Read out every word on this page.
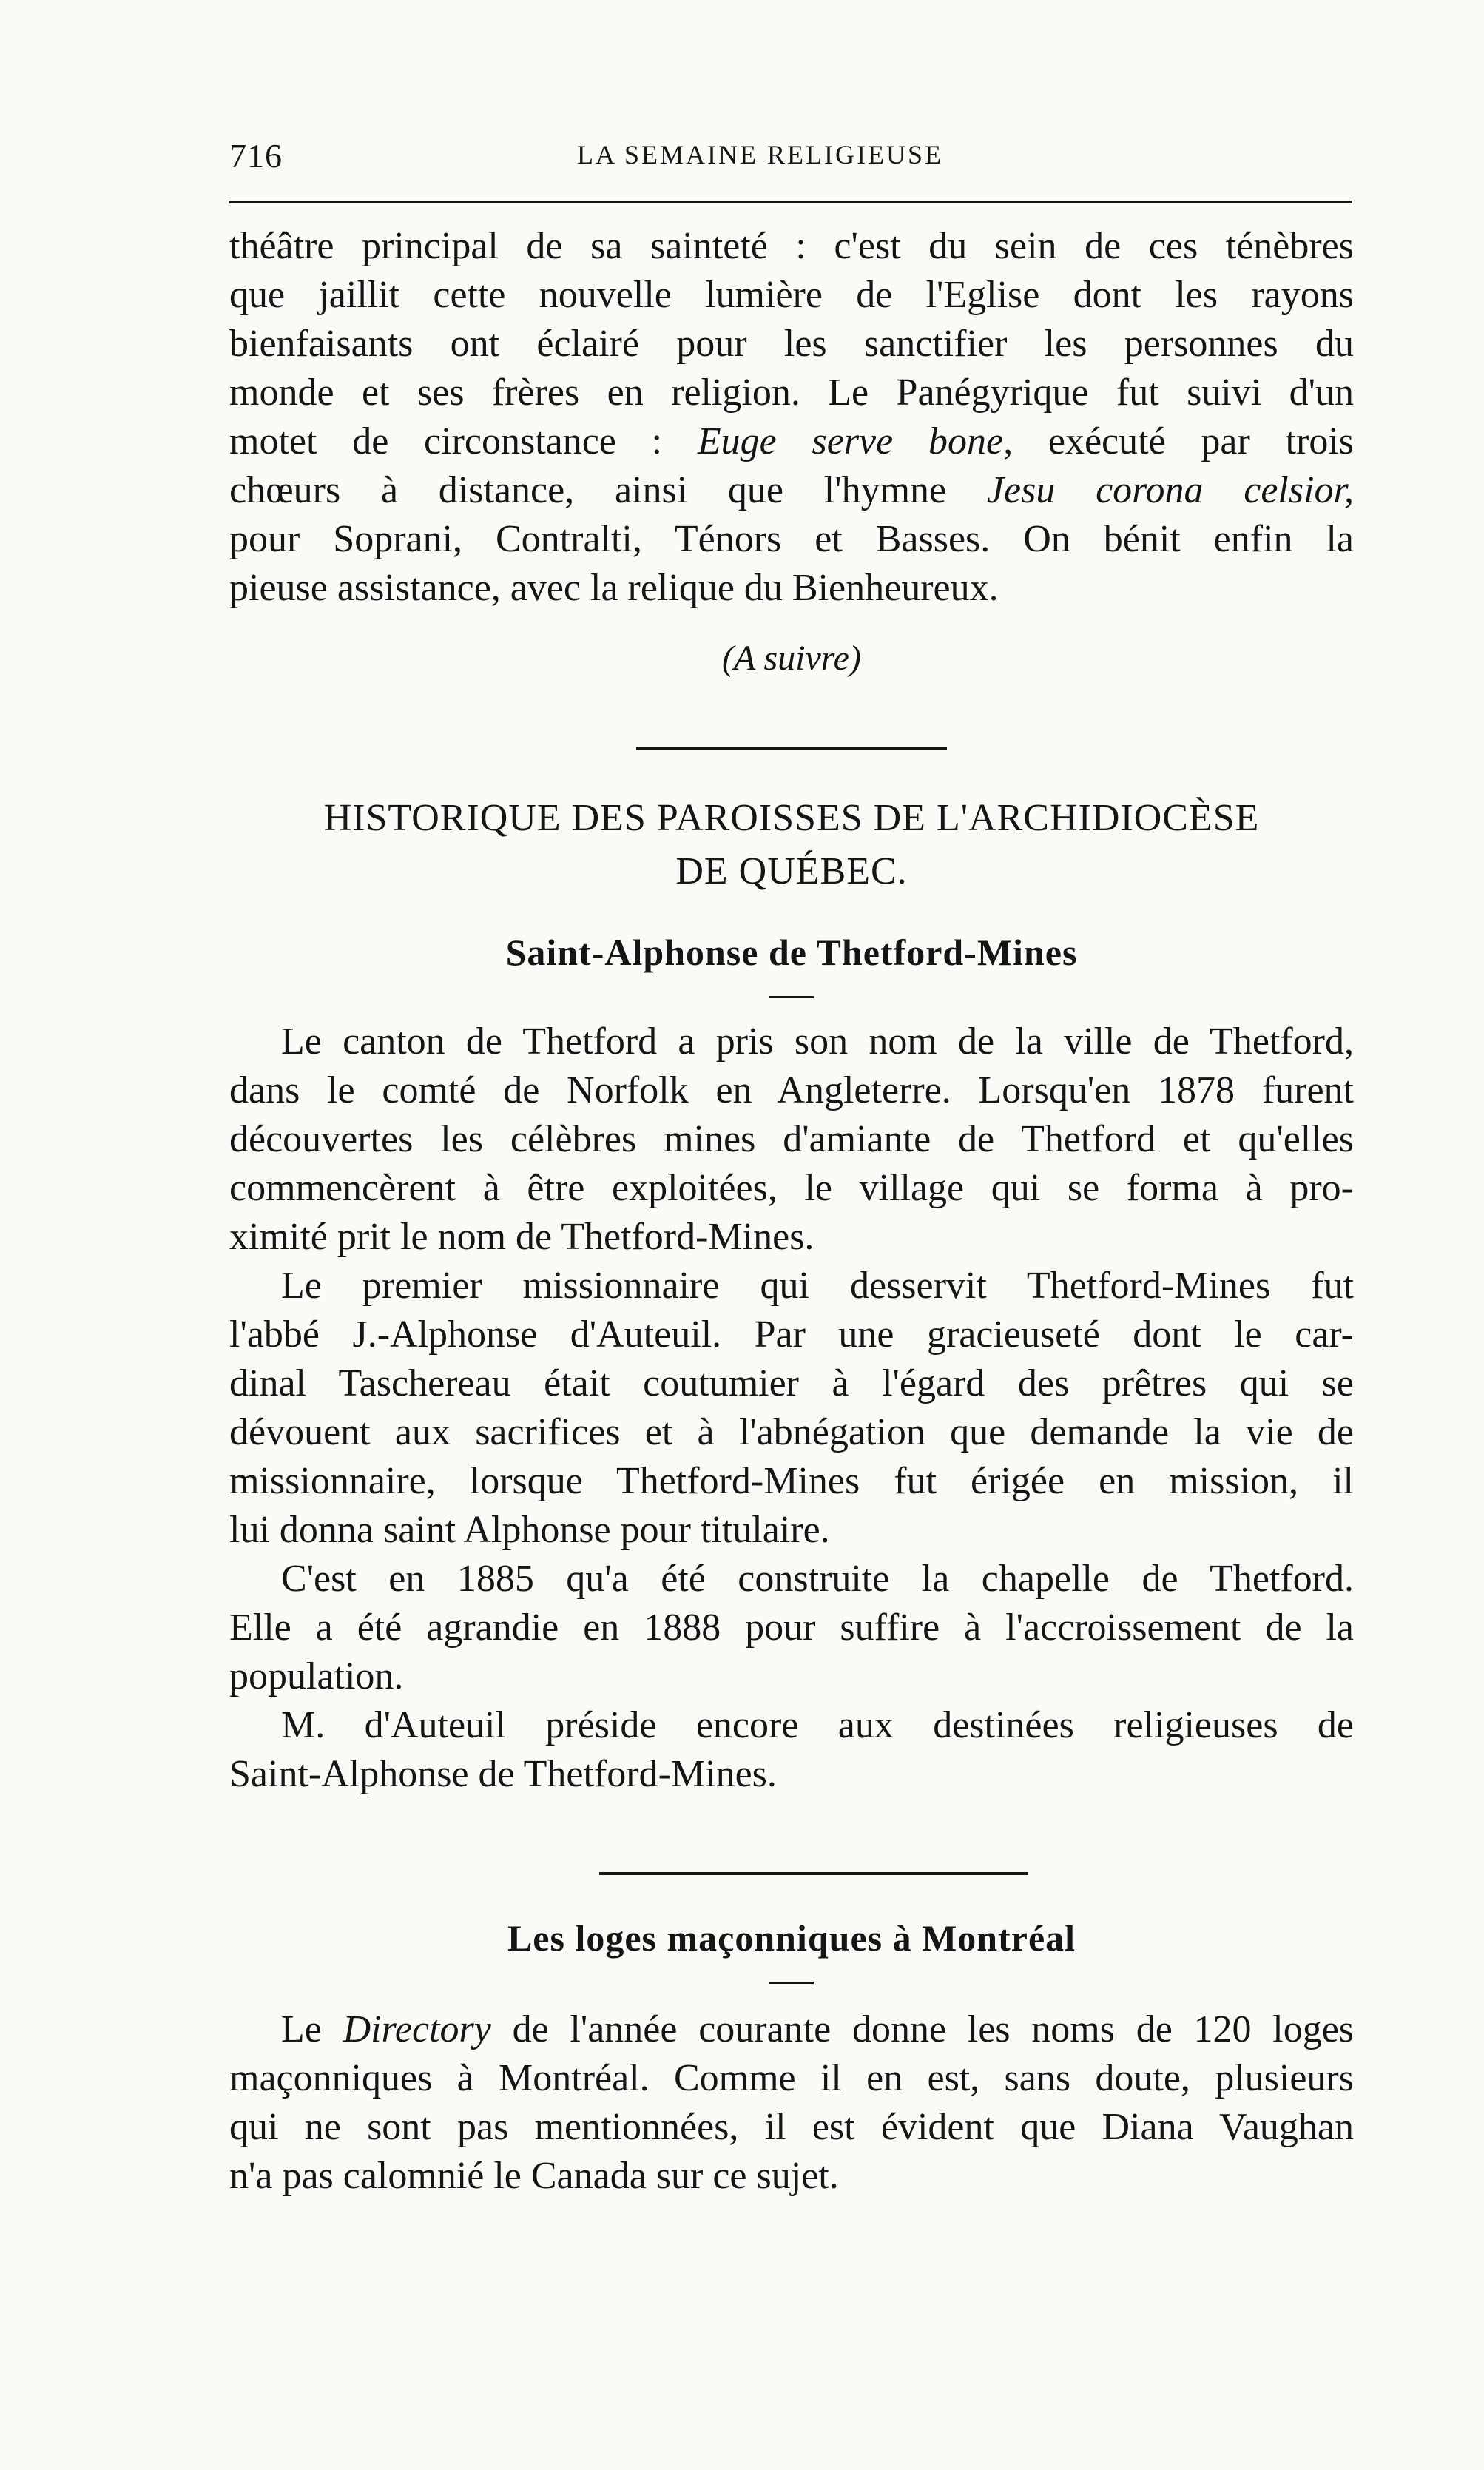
716	LA SEMAINE RELIGIEUSE
théâtre principal de sa sainteté : c'est du sein de ces ténèbres
que jaillit cette nouvelle lumière de l'Eglise dont les rayons
bienfaisants ont éclairé pour les sanctifier les personnes du
monde et ses frères en religion. Le Panégyrique fut suivi d'un
motet de circonstance : Euge serve bone, exécuté par trois
chœurs à distance, ainsi que l'hymne Jesu corona celsior,
pour Soprani, Contralti, Ténors et Basses. On bénit enfin la
pieuse assistance, avec la relique du Bienheureux.
(A suivre)
HISTORIQUE DES PAROISSES DE L'ARCHIDIOCÈSE
DE QUÉBEC.
Saint-Alphonse de Thetford-Mines
Le canton de Thetford a pris son nom de la ville de Thetford,
dans le comté de Norfolk en Angleterre. Lorsqu'en 1878 furent
découvertes les célèbres mines d'amiante de Thetford et qu'elles
commencèrent à être exploitées, le village qui se forma à pro-
ximité prit le nom de Thetford-Mines.
Le premier missionnaire qui desservit Thetford-Mines fut
l'abbé J.-Alphonse d'Auteuil. Par une gracieuseté dont le car-
dinal Taschereau était coutumier à l'égard des prêtres qui se
dévouent aux sacrifices et à l'abnégation que demande la vie de
missionnaire, lorsque Thetford-Mines fut érigée en mission, il
lui donna saint Alphonse pour titulaire.
C'est en 1885 qu'a été construite la chapelle de Thetford.
Elle a été agrandie en 1888 pour suffire à l'accroissement de la
population.
M. d'Auteuil préside encore aux destinées religieuses de
Saint-Alphonse de Thetford-Mines.
Les loges maçonniques à Montréal
Le Directory de l'année courante donne les noms de 120 loges
maçonniques à Montréal. Comme il en est, sans doute, plusieurs
qui ne sont pas mentionnées, il est évident que Diana Vaughan
n'a pas calomnié le Canada sur ce sujet.
